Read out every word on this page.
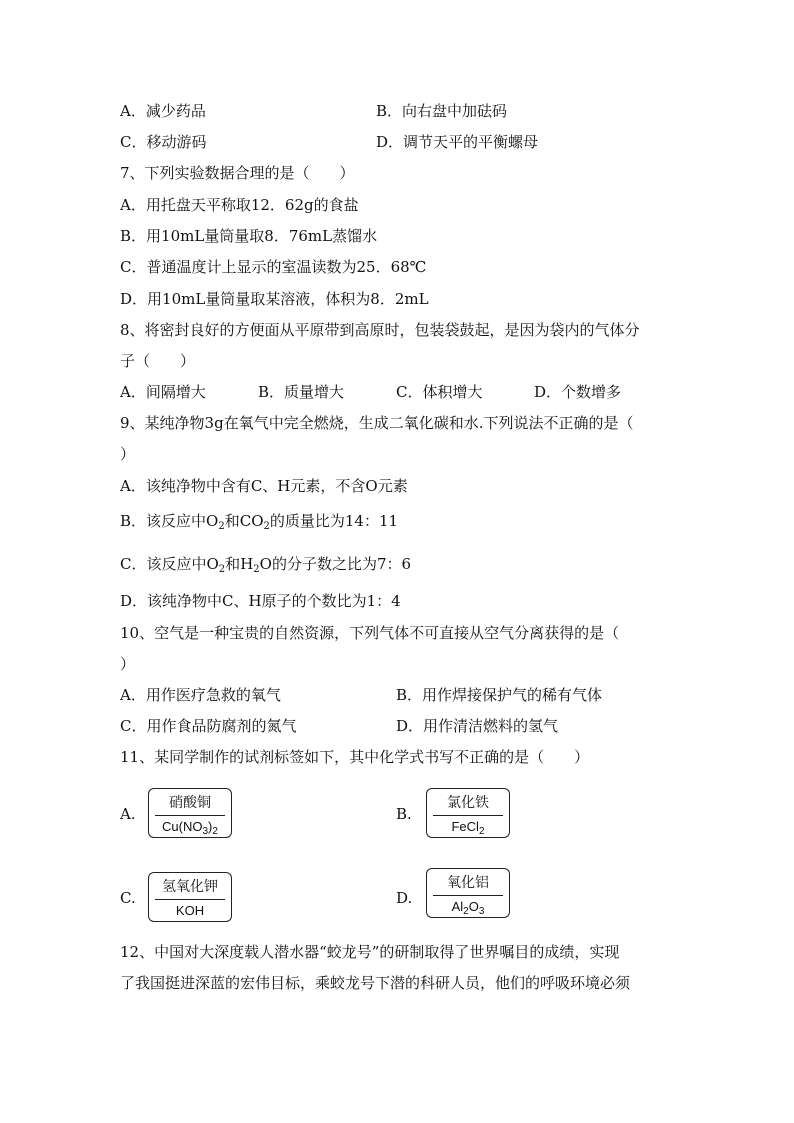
A．减少药品	B．向右盘中加砝码
C．移动游码	D．调节天平的平衡螺母
7、下列实验数据合理的是（　　）
A．用托盘天平称取12．62g的食盐
B．用10mL量筒量取8．76mL蒸馏水
C．普通温度计上显示的室温读数为25．68℃
D．用10mL量筒量取某溶液，体积为8．2mL
8、将密封良好的方便面从平原带到高原时，包装袋鼓起，是因为袋内的气体分
子（　　）
A．间隔增大	B．质量增大	C．体积增大	D．个数增多
9、某纯净物3g在氧气中完全燃烧，生成二氧化碳和水.下列说法不正确的是（
）
A．该纯净物中含有C、H元素，不含O元素
B．该反应中$O_2$和$CO_2$的质量比为14：11
C．该反应中$O_2$和$H_2O$的分子数之比为7：6
D．该纯净物中C、H原子的个数比为1：4
10、空气是一种宝贵的自然资源，下列气体不可直接从空气分离获得的是（
）
A．用作医疗急救的氧气	B．用作焊接保护气的稀有气体
C．用作食品防腐剂的氮气	D．用作清洁燃料的氢气
11、某同学制作的试剂标签如下，其中化学式书写不正确的是（　　）
A.
硝酸铜
$Cu(NO_3)_2$
B.
氯化铁
FeCl$_2$
C.
氢氧化钾
KOH
D.
氧化铝
$Al_2O_3$
12、中国对大深度载人潜水器“蛟龙号”的研制取得了世界嘱目的成绩，实现
了我国挺进深蓝的宏伟目标，乘蛟龙号下潜的科研人员，他们的呼吸环境必须
